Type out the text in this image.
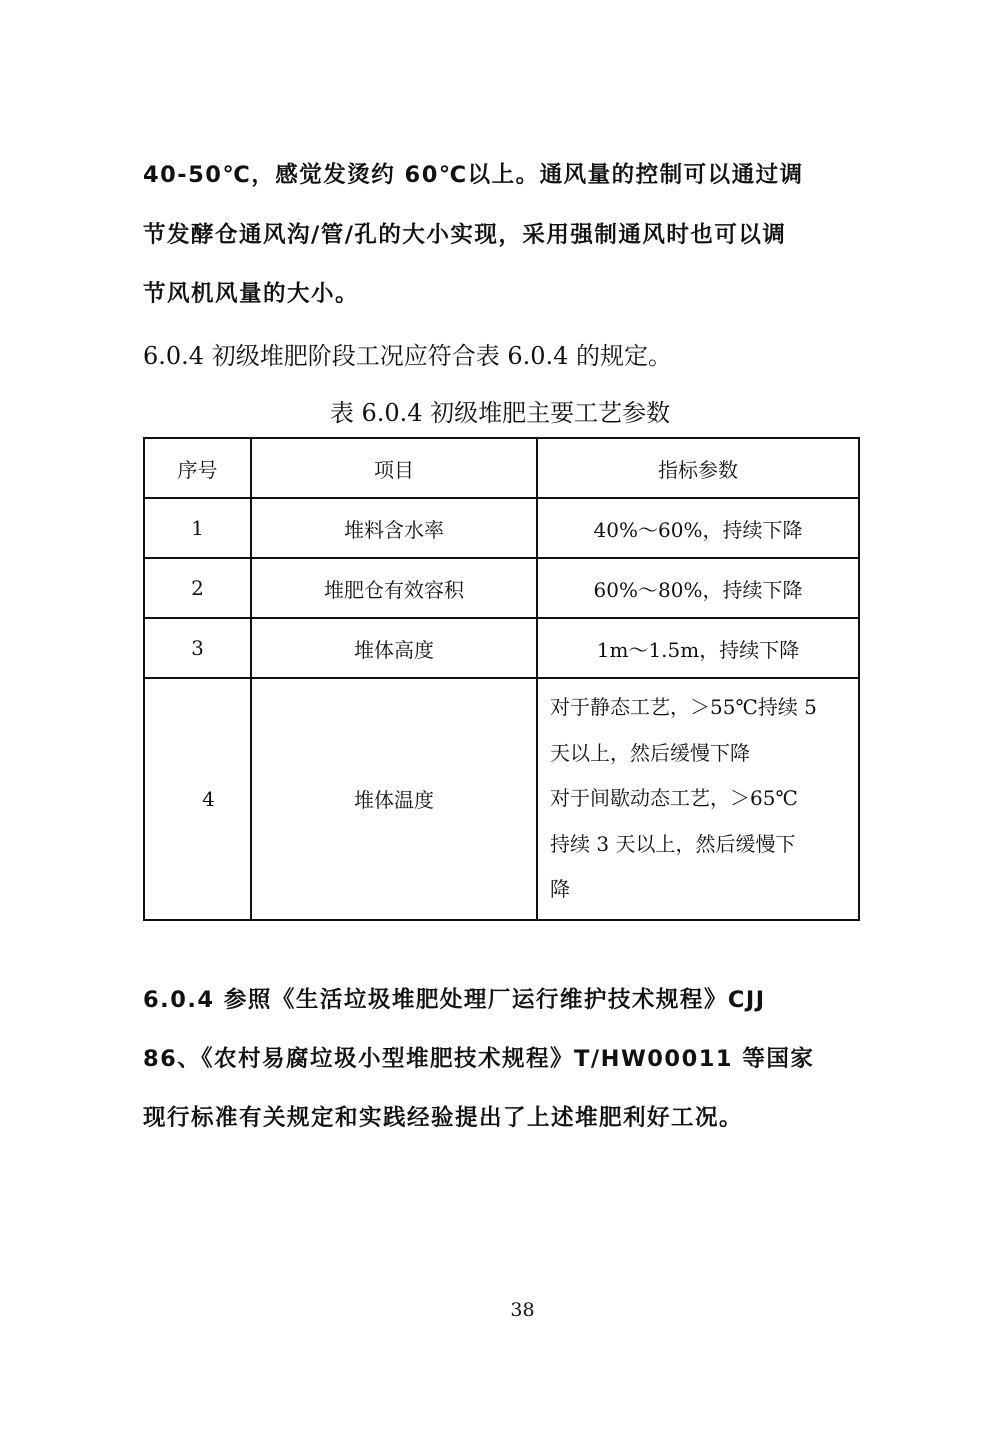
40-50℃，感觉发烫约 60℃以上。通风量的控制可以通过调
节发酵仓通风沟/管/孔的大小实现，采用强制通风时也可以调
节风机风量的大小。
6.0.4 初级堆肥阶段工况应符合表 6.0.4 的规定。
表 6.0.4 初级堆肥主要工艺参数
序号	项目	指标参数
1	堆料含水率	40%～60%，持续下降
2	堆肥仓有效容积	60%～80%，持续下降
3	堆体高度	1m～1.5m，持续下降
4	堆体温度	对于静态工艺，＞55℃持续 5
天以上，然后缓慢下降
对于间歇动态工艺，＞65℃
持续 3 天以上，然后缓慢下
降
6.0.4 参照《生活垃圾堆肥处理厂运行维护技术规程》CJJ
86、《农村易腐垃圾小型堆肥技术规程》T/HW00011 等国家
现行标准有关规定和实践经验提出了上述堆肥利好工况。
38
